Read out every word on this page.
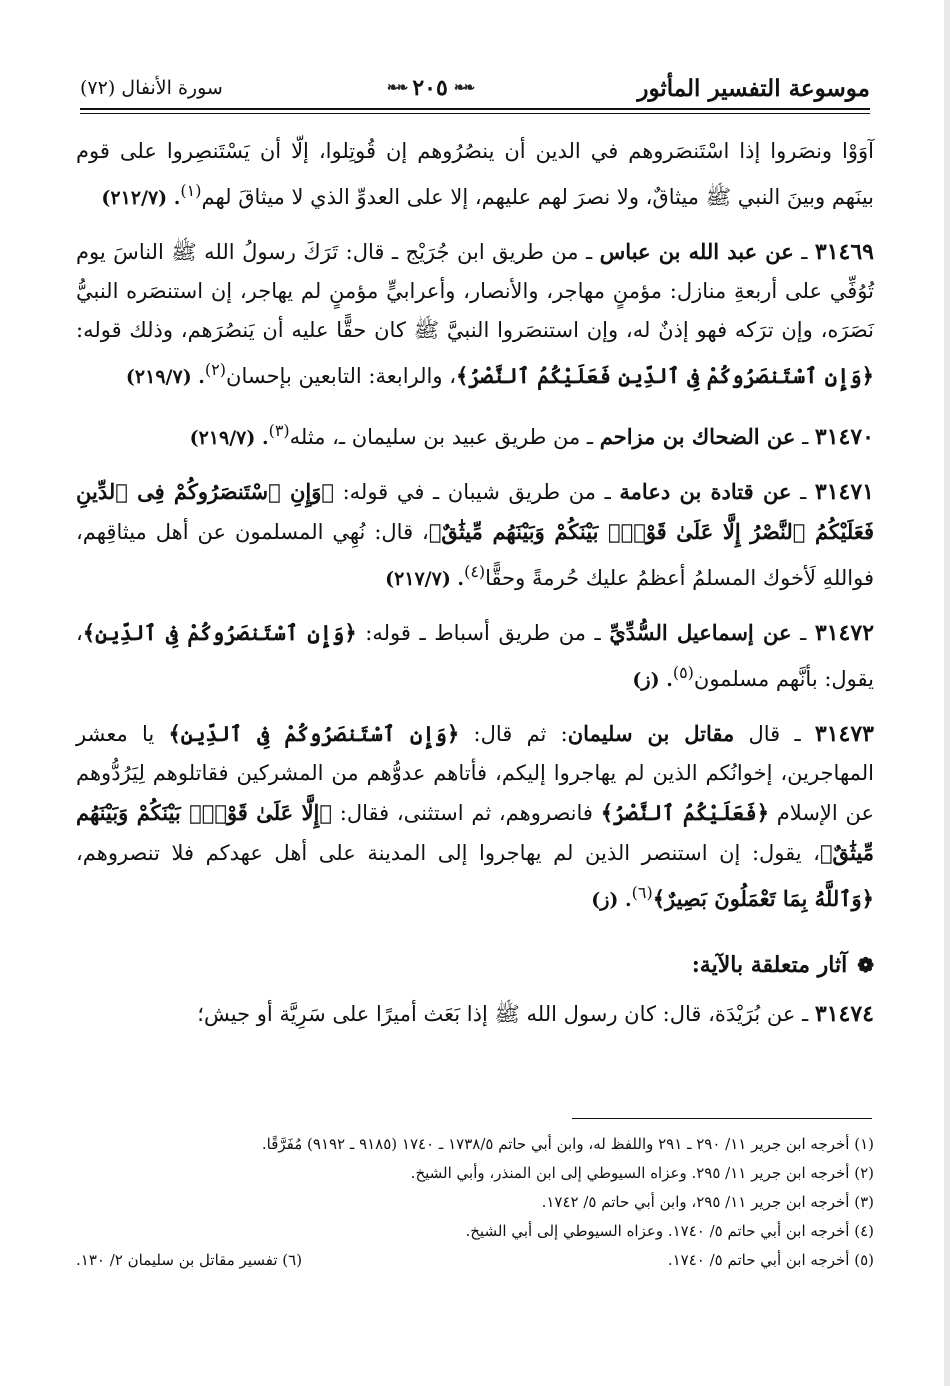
موسوعة التفسير المأثور
❧❧
٢٠٥
❧❧
سورة الأنفال (٧٢)

آوَوْا ونصَروا إذا اسْتَنصَروهم في الدين أن ينصُرُوهم إن قُوتِلوا، إلّا أن يَسْتَنصِروا على قوم بينَهم وبينَ النبي ﷺ ميثاقٌ، ولا نصرَ لهم عليهم، إلا على العدوِّ الذي لا ميثاقَ لهم$^{(١)}$. (٢١٢/٧)

٣١٤٦٩ ـ عن عبد الله بن عباس ـ من طريق ابن جُرَيْج ـ قال: تَرَكَ رسولُ الله ﷺ الناسَ يوم تُوُفِّي على أربعةِ منازل: مؤمنٍ مهاجر، والأنصار، وأعرابيٍّ مؤمنٍ لم يهاجر، إن استنصَره النبيُّ نَصَرَه، وإن ترَكه فهو إذنٌ له، وإن استنصَروا النبيَّ ﷺ كان حقًّا عليه أن يَنصُرَهم، وذلك قوله: ﴿وَإِنِ ٱسْتَنصَرُوكُمْ فِى ٱلدِّينِ فَعَلَيْكُمُ ٱلنَّصْرُ﴾، والرابعة: التابعين بإحسان$^{(٢)}$. (٢١٩/٧)

٣١٤٧٠ ـ عن الضحاك بن مزاحم ـ من طريق عبيد بن سليمان ـ، مثله$^{(٣)}$. (٢١٩/٧)

٣١٤٧١ ـ عن قتادة بن دعامة ـ من طريق شيبان ـ في قوله: ﴿وَإِنِ ٱسْتَنصَرُوكُمْ فِى ٱلدِّينِ فَعَلَيْكُمُ ٱلنَّصْرُ إِلَّا عَلَىٰ قَوْمٍۭ بَيْنَكُمْ وَبَيْنَهُم مِّيثَٰقٌ﴾، قال: نُهِي المسلمون عن أهل ميثاقِهم، فواللهِ لَأخوك المسلمُ أعظمُ عليك حُرمةً وحقًّا$^{(٤)}$. (٢١٧/٧)

٣١٤٧٢ ـ عن إسماعيل السُّدِّيِّ ـ من طريق أسباط ـ قوله: ﴿وَإِنِ ٱسْتَنصَرُوكُمْ فِى ٱلدِّينِ﴾، يقول: بأنَّهم مسلمون$^{(٥)}$. (ز)

٣١٤٧٣ ـ قال مقاتل بن سليمان: ثم قال: ﴿وَإِنِ ٱسْتَنصَرُوكُمْ فِى ٱلدِّينِ﴾ يا معشر المهاجرين، إخوانُكم الذين لم يهاجروا إليكم، فأتاهم عدوُّهم من المشركين فقاتلوهم لِيَرُدُّوهم عن الإسلام ﴿فَعَلَيْكُمُ ٱلنَّصْرُ﴾ فانصروهم، ثم استثنى، فقال: ﴿إِلَّا عَلَىٰ قَوْمٍۭ بَيْنَكُمْ وَبَيْنَهُم مِّيثَٰقٌ﴾، يقول: إن استنصر الذين لم يهاجروا إلى المدينة على أهل عهدكم فلا تنصروهم، ﴿وَٱللَّهُ بِمَا تَعْمَلُونَ بَصِيرٌ﴾$^{(٦)}$. (ز)

❁
آثار متعلقة بالآية:

٣١٤٧٤ ـ عن بُرَيْدَة، قال: كان رسول الله ﷺ إذا بَعَث أميرًا على سَرِيَّة أو جيش؛

(١) أخرجه ابن جرير ١١/ ٢٩٠ ـ ٢٩١ واللفظ له، وابن أبي حاتم ١٧٣٨/٥ ـ ١٧٤٠ (٩١٨٥ ـ ٩١٩٢) مُفَرَّقًا.

(٢) أخرجه ابن جرير ١١/ ٢٩٥. وعزاه السيوطي إلى ابن المنذر، وأبي الشيخ.

(٣) أخرجه ابن جرير ١١/ ٢٩٥، وابن أبي حاتم ٥/ ١٧٤٢.

(٤) أخرجه ابن أبي حاتم ٥/ ١٧٤٠. وعزاه السيوطي إلى أبي الشيخ.

(٥) أخرجه ابن أبي حاتم ٥/ ١٧٤٠.
(٦) تفسير مقاتل بن سليمان ٢/ ١٣٠.
